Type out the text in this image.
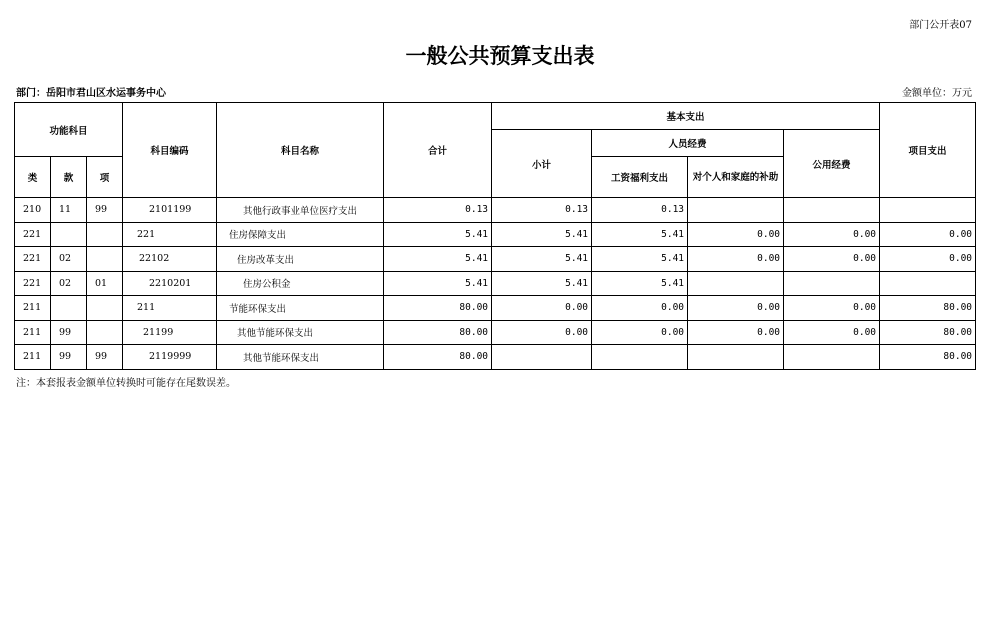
部门公开表07
一般公共预算支出表
部门：岳阳市君山区水运事务中心	金额单位：万元
功能科目			科目编码	科目名称	合计	基本支出				项目支出
						小计	人员经费		公用经费	
类	款	项					工资福利支出	对个人和家庭的补助		
210	11	99	2101199	其他行政事业单位医疗支出	0.13	0.13	0.13			
221			221	住房保障支出	5.41	5.41	5.41	0.00	0.00	0.00
221	02		22102	住房改革支出	5.41	5.41	5.41	0.00	0.00	0.00
221	02	01	2210201	住房公积金	5.41	5.41	5.41			
211			211	节能环保支出	80.00	0.00	0.00	0.00	0.00	80.00
211	99		21199	其他节能环保支出	80.00	0.00	0.00	0.00	0.00	80.00
211	99	99	2119999	其他节能环保支出	80.00					80.00
注：本套报表金额单位转换时可能存在尾数误差。
